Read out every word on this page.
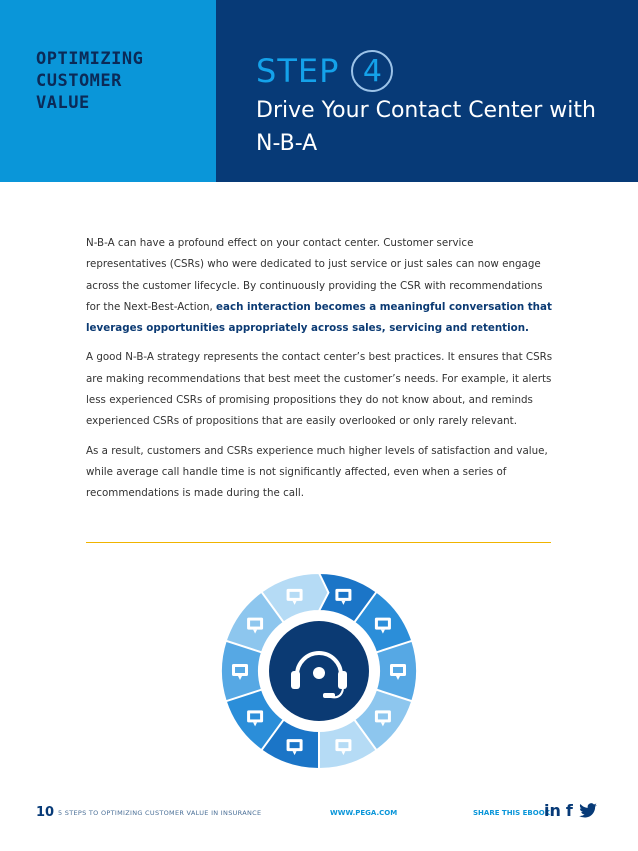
OPTIMIZING
CUSTOMER
VALUE
STEP 4
Drive Your Contact Center with N-B-A

N-B-A can have a profound effect on your contact center. Customer service representatives (CSRs) who were dedicated to just service or just sales can now engage across the customer lifecycle. By continuously providing the CSR with recommendations for the Next-Best-Action, each interaction becomes a meaningful conversation that leverages opportunities appropriately across sales, servicing and retention.

A good N-B-A strategy represents the contact center’s best practices. It ensures that CSRs are making recommendations that best meet the customer’s needs. For example, it alerts less experienced CSRs of promising propositions they do not know about, and reminds experienced CSRs of propositions that are easily overlooked or only rarely relevant.

As a result, customers and CSRs experience much higher levels of satisfaction and value, while average call handle time is not significantly affected, even when a series of recommendations is made during the call.

10 5 STEPS TO OPTIMIZING CUSTOMER VALUE IN INSURANCE	WWW.PEGA.COM	SHARE THIS EBOOK:
in f
